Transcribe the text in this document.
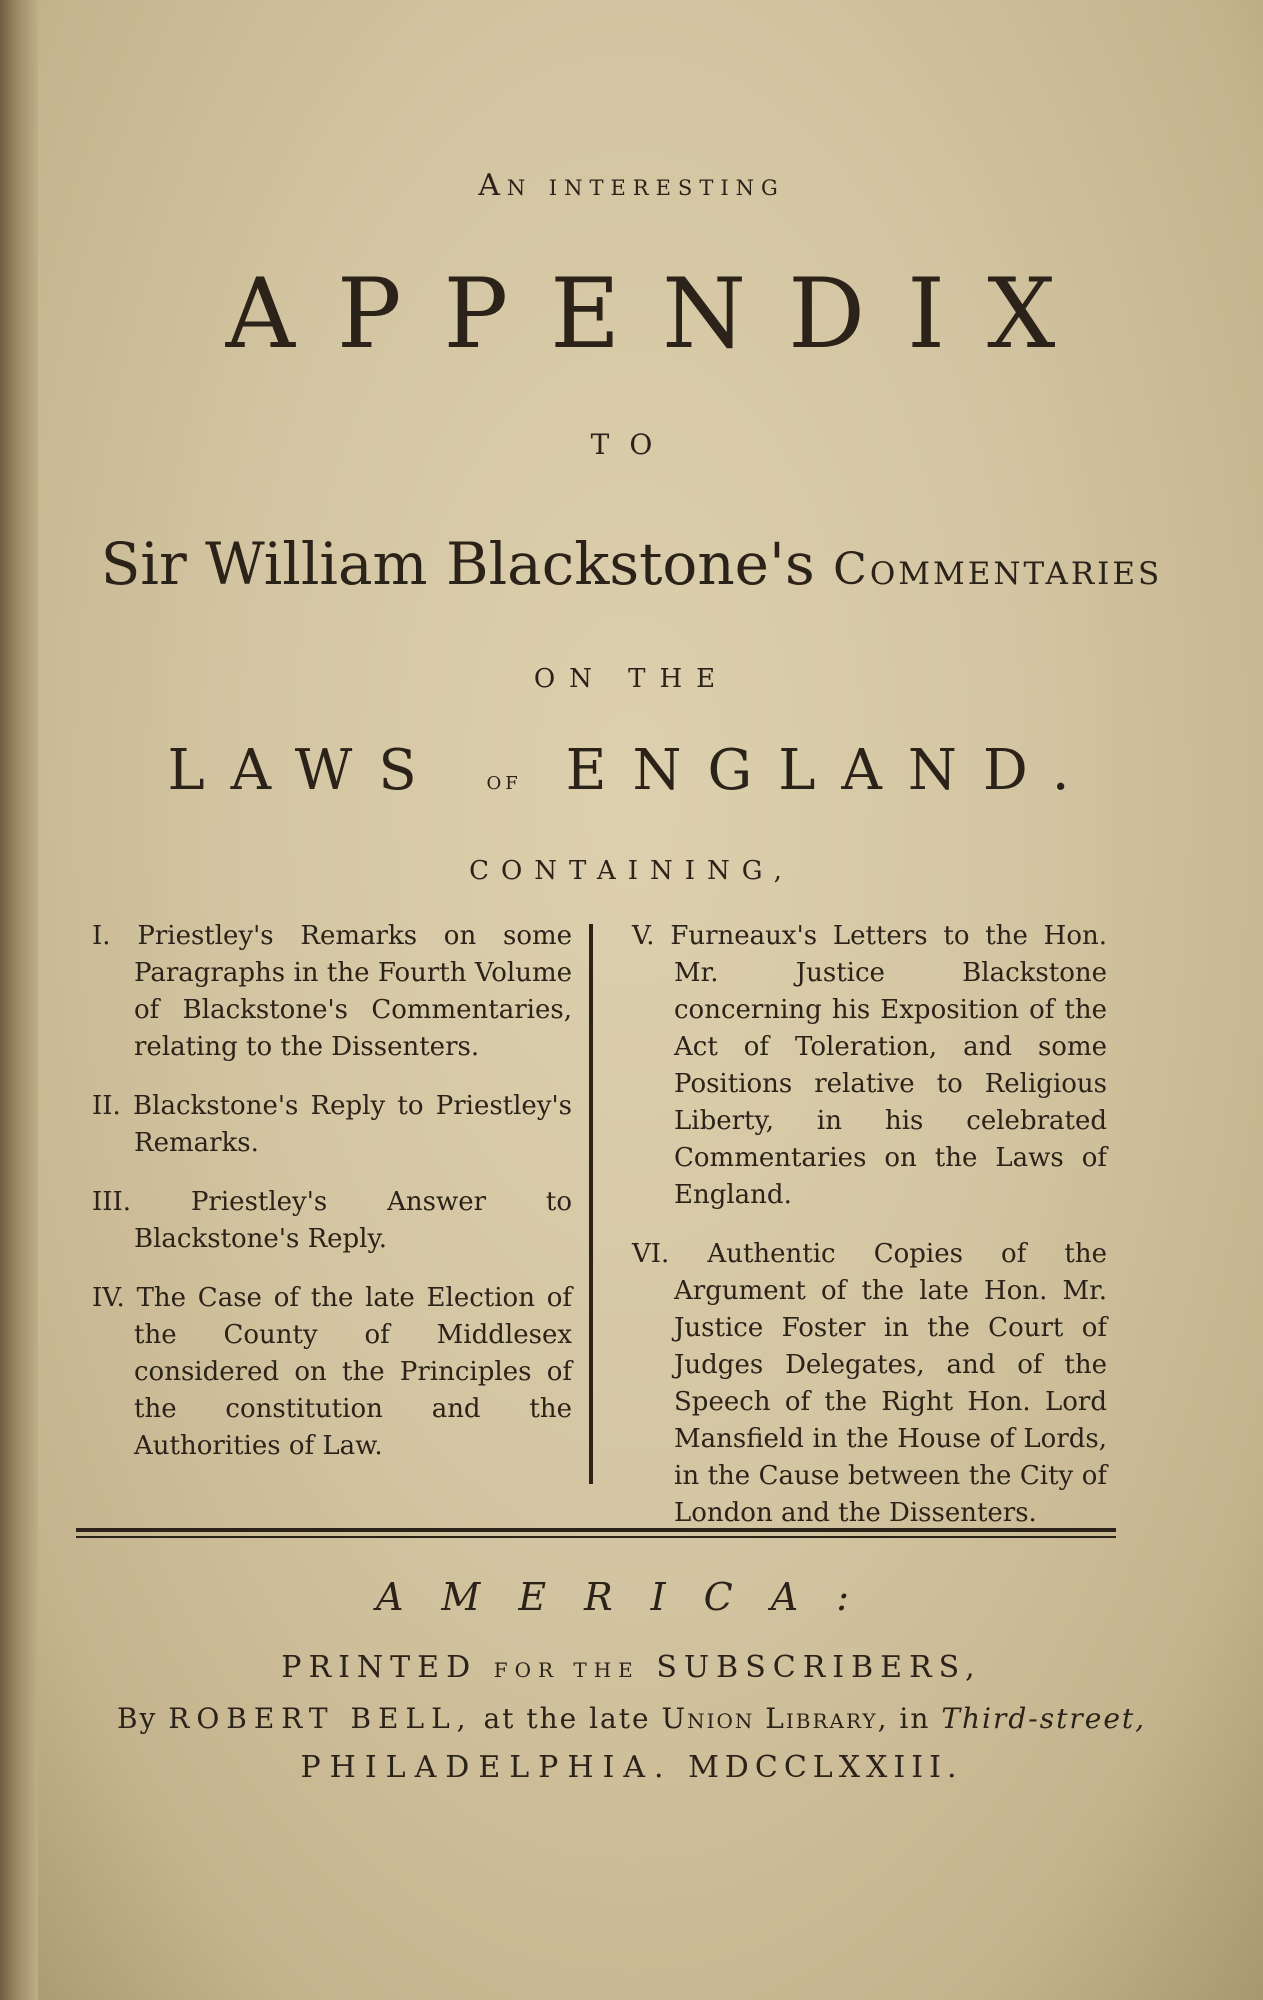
An interesting
APPENDIX
TO
Sir William Blackstone's Commentaries
ON THE
LAWS of ENGLAND.
CONTAINING,

I. Priestley's Remarks on some Paragraphs in the Fourth Volume of Blackstone's Commentaries, relating to the Dissenters.

II. Blackstone's Reply to Priestley's Remarks.

III. Priestley's Answer to Blackstone's Reply.

IV. The Case of the late Election of the County of Middlesex considered on the Principles of the constitution and the Authorities of Law.

V. Furneaux's Letters to the Hon. Mr. Justice Blackstone concerning his Exposition of the Act of Toleration, and some Positions relative to Religious Liberty, in his celebrated Commentaries on the Laws of England.

VI. Authentic Copies of the Argument of the late Hon. Mr. Justice Foster in the Court of Judges Delegates, and of the Speech of the Right Hon. Lord Mansfield in the House of Lords, in the Cause between the City of London and the Dissenters.

AMERICA:
PRINTED FOR THE SUBSCRIBERS,
By ROBERT BELL, at the late Union Library, in Third-street,
PHILADELPHIA. MDCCLXXIII.
